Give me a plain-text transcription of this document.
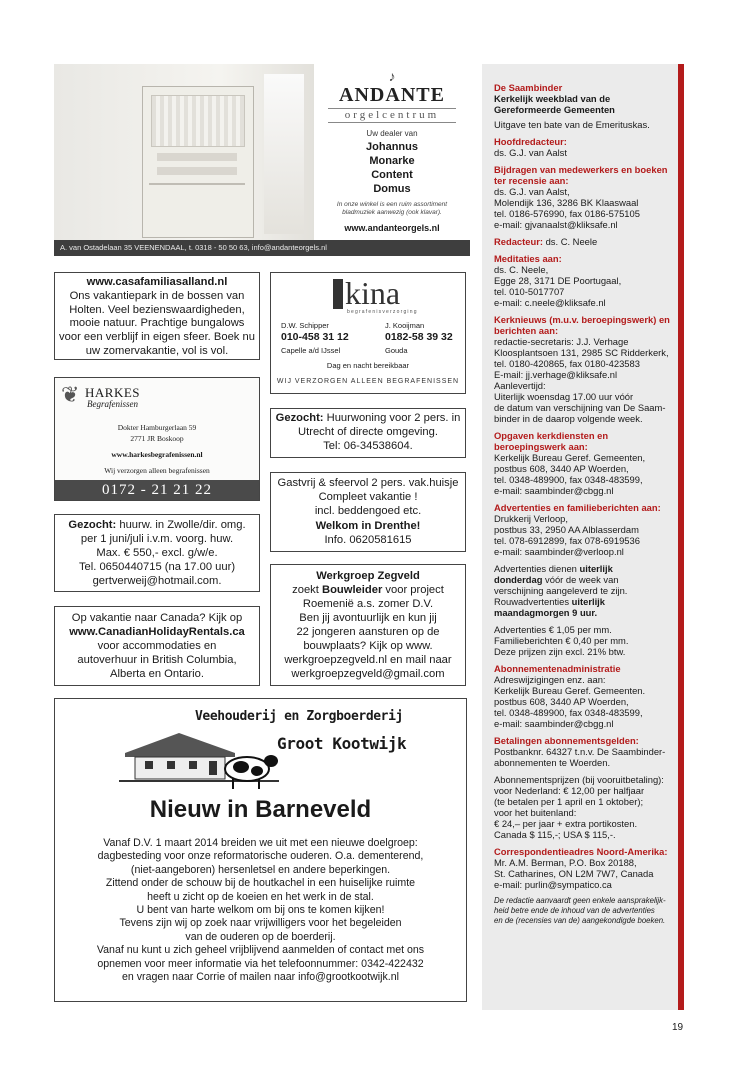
♪
ANDANTE
orgelcentrum
Uw dealer van
Johannus
Monarke
Content
Domus
In onze winkel is een ruim assortiment bladmuziek aanwezig (ook klavar).
www.andanteorgels.nl
A. van Ostadelaan 35 VEENENDAAL, t. 0318 - 50 50 63, info@andanteorgels.nl
www.casafamiliasalland.nl
Ons vakantiepark in de bossen van Holten. Veel bezienswaardigheden, mooie natuur. Prachtige bungalows voor een verblijf in eigen sfeer. Boek nu uw zomervakantie, vol is vol.
kina
begrafenisverzorging
D.W. Schipper
010-458 31 12
Capelle a/d IJssel
J. Kooijman
0182-58 39 32
Gouda
Dag en nacht bereikbaar
WIJ VERZORGEN ALLEEN BEGRAFENISSEN
❦ HARKES
Begrafenissen
Dokter Hamburgerlaan 59
2771 JR Boskoop
www.harkesbegrafenissen.nl
Wij verzorgen alleen begrafenissen
0172 - 21 21 22
Gezocht: Huurwoning voor 2 pers. in Utrecht of directe omgeving.
Tel: 06-34538604.
Gastvrij & sfeervol 2 pers. vak.huisje
Compleet vakantie !
incl. beddengoed etc.
Welkom in Drenthe!
Info. 0620581615
Gezocht: huurw. in Zwolle/dir. omg.
per 1 juni/juli i.v.m. voorg. huw.
Max. € 550,- excl. g/w/e.
Tel. 0650440715 (na 17.00 uur)
gertverweij@hotmail.com.	Werkgroep Zegveld
zoekt Bouwleider voor project
Roemenië a.s. zomer D.V.
Ben jij avontuurlijk en kun jij
22 jongeren aansturen op de
bouwplaats? Kijk op www.
werkgroepzegveld.nl en mail naar
werkgroepzegveld@gmail.com
Op vakantie naar Canada? Kijk op
www.CanadianHolidayRentals.ca
voor accommodaties en
autoverhuur in British Columbia,
Alberta en Ontario.
Veehouderij en Zorgboerderij
Groot Kootwijk
Nieuw in Barneveld
Vanaf D.V. 1 maart 2014 breiden we uit met een nieuwe doelgroep:
dagbesteding voor onze reformatorische ouderen. O.a. dementerend,
(niet-aangeboren) hersenletsel en andere beperkingen.
Zittend onder de schouw bij de houtkachel in een huiselijke ruimte
heeft u zicht op de koeien en het werk in de stal.
U bent van harte welkom om bij ons te komen kijken!
Tevens zijn wij op zoek naar vrijwilligers voor het begeleiden
van de ouderen op de boerderij.
Vanaf nu kunt u zich geheel vrijblijvend aanmelden of contact met ons
opnemen voor meer informatie via het telefoonnummer: 0342-422432
en vragen naar Corrie of mailen naar info@grootkootwijk.nl
De Saambinder
Kerkelijk weekblad van de Gereformeerde Gemeenten
Uitgave ten bate van de Emerituskas.
Hoofdredacteur:
ds. G.J. van Aalst
Bijdragen van medewerkers en boeken ter recensie aan:
ds. G.J. van Aalst,
Molendijk 136, 3286 BK Klaaswaal
tel. 0186-576990, fax 0186-575105
e-mail: gjvanaalst@kliksafe.nl
Redacteur: ds. C. Neele
Meditaties aan:
ds. C. Neele,
Egge 28, 3171 DE Poortugaal,
tel. 010-5017707
e-mail: c.neele@kliksafe.nl
Kerknieuws (m.u.v. beroepingswerk) en berichten aan:
redactie-secretaris: J.J. Verhage
Kloosplantsoen 131, 2985 SC Ridderkerk,
tel. 0180-420865, fax 0180-423583
E-mail: jj.verhage@kliksafe.nl
Aanlevertijd:
Uiterlijk woensdag 17.00 uur vóór
de datum van verschijning van De Saam-
binder in de daarop volgende week.
Opgaven kerkdiensten en beroepingswerk aan:
Kerkelijk Bureau Geref. Gemeenten,
postbus 608, 3440 AP Woerden,
tel. 0348-489900, fax 0348-483599,
e-mail: saambinder@cbgg.nl
Advertenties en familieberichten aan:
Drukkerij Verloop,
postbus 33, 2950 AA Alblasserdam
tel. 078-6912899, fax 078-6919536
e-mail: saambinder@verloop.nl
Advertenties dienen uiterlijk
donderdag vóór de week van
verschijning aangeleverd te zijn.
Rouwadvertenties uiterlijk
maandagmorgen 9 uur.
Advertenties € 1,05 per mm.
Familieberichten € 0,40 per mm.
Deze prijzen zijn excl. 21% btw.
Abonnementenadministratie
Adreswijzigingen enz. aan:
Kerkelijk Bureau Geref. Gemeenten.
postbus 608, 3440 AP Woerden,
tel. 0348-489900, fax 0348-483599,
e-mail: saambinder@cbgg.nl
Betalingen abonnementsgelden:
Postbanknr. 64327 t.n.v. De Saambinder-
abonnementen te Woerden.
Abonnementsprijzen (bij vooruitbetaling):
voor Nederland: € 12,00 per halfjaar
(te betalen per 1 april en 1 oktober);
voor het buitenland:
€ 24,– per jaar + extra portikosten.
Canada $ 115,-; USA $ 115,-.
Correspondentieadres Noord-Amerika:
Mr. A.M. Berman, P.O. Box 20188,
St. Catharines, ON L2M 7W7, Canada
e-mail: purlin@sympatico.ca
De redactie aanvaardt geen enkele aansprakelijk-
heid betre ende de inhoud van de advertenties
en de (recensies van de) aangekondigde boeken.
19
